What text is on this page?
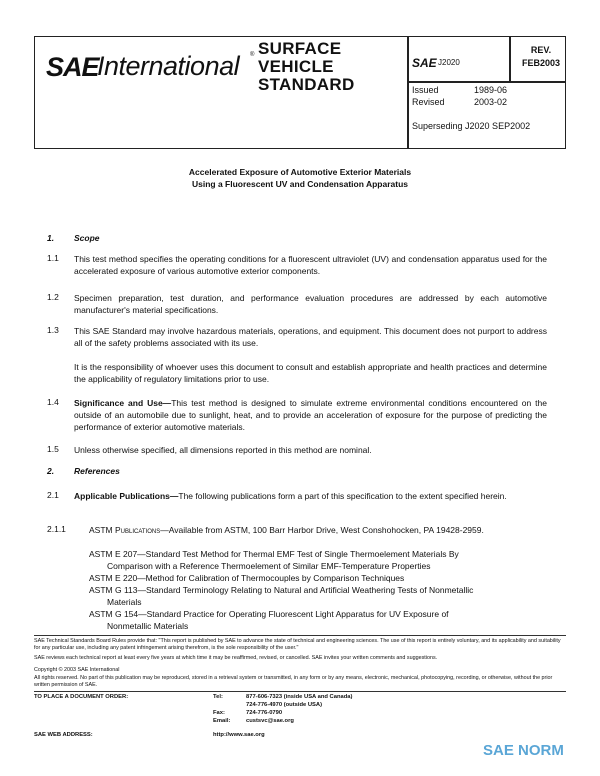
SAE
International ® SURFACE
VEHICLE
STANDARD
SAE J2020
REV.
FEB2003
Issued	1989-06
Revised	2003-02
Superseding J2020 SEP2002
Accelerated Exposure of Automotive Exterior Materials
Using a Fluorescent UV and Condensation Apparatus
1. Scope
1.1 This test method specifies the operating conditions for a fluorescent ultraviolet (UV) and condensation apparatus used for the accelerated exposure of various automotive exterior components.
1.2 Specimen preparation, test duration, and performance evaluation procedures are addressed by each automotive manufacturer's material specifications.
1.3 This SAE Standard may involve hazardous materials, operations, and equipment. This document does not purport to address all of the safety problems associated with its use.
It is the responsibility of whoever uses this document to consult and establish appropriate and health practices and determine the applicability of regulatory limitations prior to use.
1.4 Significance and Use—This test method is designed to simulate extreme environmental conditions encountered on the outside of an automobile due to sunlight, heat, and to provide an acceleration of exposure for the purpose of predicting the performance of exterior automotive materials.
1.5 Unless otherwise specified, all dimensions reported in this method are nominal.
2. References
2.1 Applicable Publications—The following publications form a part of this specification to the extent specified herein.
2.1.1	ASTM Publications—Available from ASTM, 100 Barr Harbor Drive, West Conshohocken, PA 19428-2959.
ASTM E 207—Standard Test Method for Thermal EMF Test of Single Thermoelement Materials By
Comparison with a Reference Thermoelement of Similar EMF-Temperature Properties
ASTM E 220—Method for Calibration of Thermocouples by Comparison Techniques
ASTM G 113—Standard Terminology Relating to Natural and Artificial Weathering Tests of Nonmetallic
Materials
ASTM G 154—Standard Practice for Operating Fluorescent Light Apparatus for UV Exposure of
Nonmetallic Materials
SAE Technical Standards Board Rules provide that: "This report is published by SAE to advance the state of technical and engineering sciences. The use of this report is entirely voluntary, and its applicability and suitability for any particular use, including any patent infringement arising therefrom, is the sole responsibility of the user."
SAE reviews each technical report at least every five years at which time it may be reaffirmed, revised, or cancelled. SAE invites your written comments and suggestions.
Copyright © 2003 SAE International
All rights reserved. No part of this publication may be reproduced, stored in a retrieval system or transmitted, in any form or by any means, electronic, mechanical, photocopying, recording, or otherwise, without the prior written permission of SAE.
TO PLACE A DOCUMENT ORDER:	Tel:	877-606-7323 (inside USA and Canada)
724-776-4970 (outside USA)
Fax:	724-776-0790
Email:	custsvc@sae.org
SAE WEB ADDRESS:	http://www.sae.org
SAE NORM
